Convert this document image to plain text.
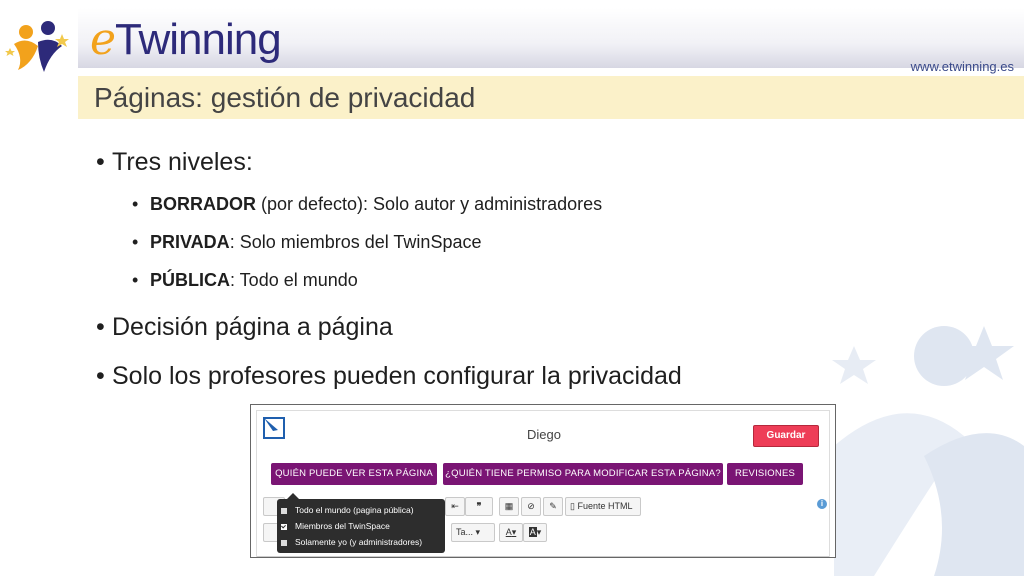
www.etwinning.es
eTwinning
Páginas: gestión de privacidad
• Tres niveles:
• BORRADOR (por defecto): Solo autor y administradores
• PRIVADA: Solo miembros del TwinSpace
• PÚBLICA: Todo el mundo
• Decisión página a página
• Solo los profesores pueden configurar la privacidad
Diego	Guardar
QUIÉN PUEDE VER ESTA PÁGINA	¿QUIÉN TIENE PERMISO PARA MODIFICAR ESTA PÁGINA?	REVISIONES
i
⇤	❞	▦	⊘	✎	▯ Fuente HTML
Ta... ▾	A▾	A▾
Todo el mundo (pagina pública)
Miembros del TwinSpace
Solamente yo (y administradores)
